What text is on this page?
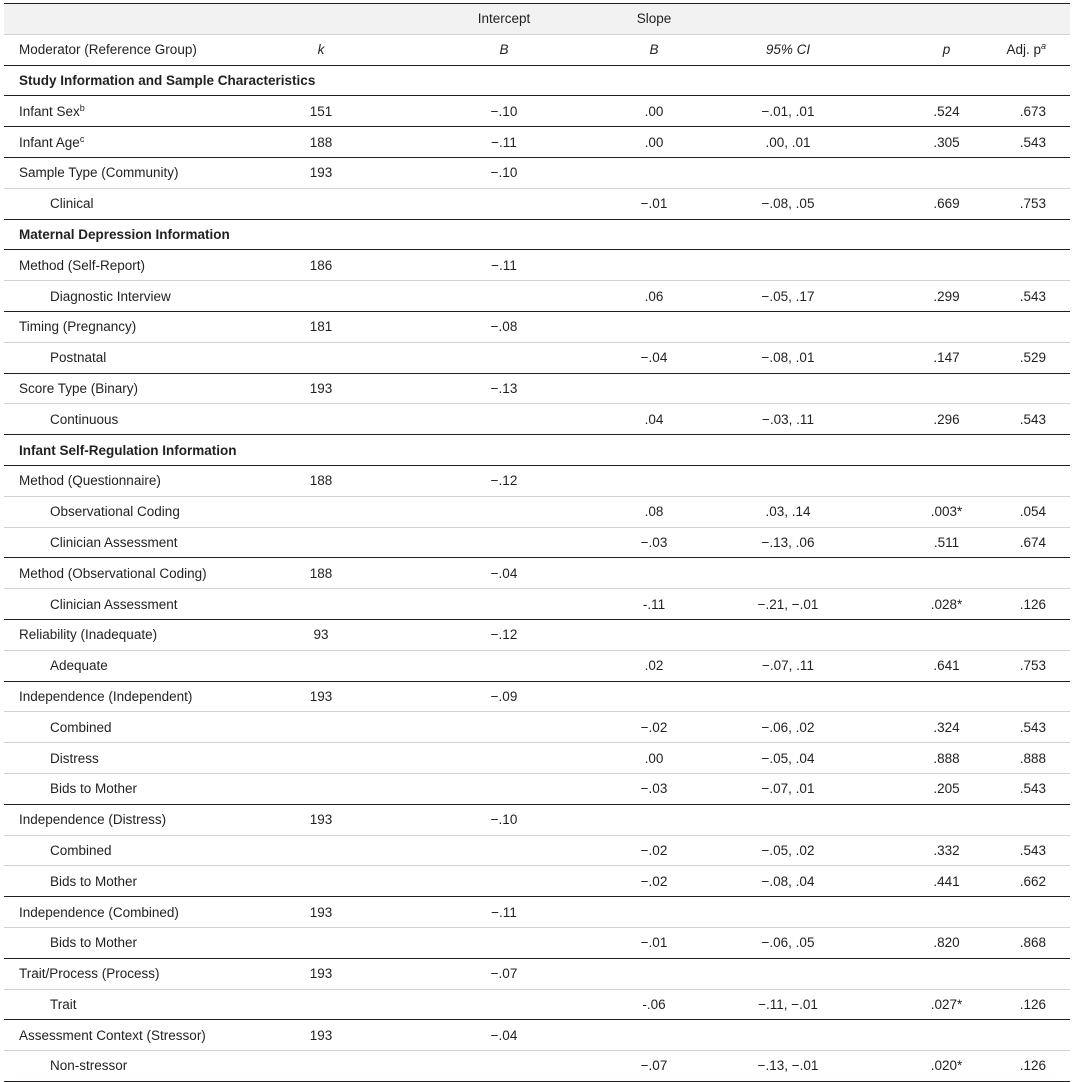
		Intercept	Slope			
Moderator (Reference Group)	k	B	B	95% CI	p	Adj. $p^a$
Study Information and Sample Characteristics						
Infant Sex$^b$	151	−.10	.00	−.01, .01	.524	.673
Infant Age$^c$	188	−.11	.00	.00, .01	.305	.543
Sample Type (Community)	193	−.10				
Clinical			−.01	−.08, .05	.669	.753
Maternal Depression Information						
Method (Self-Report)	186	−.11				
Diagnostic Interview			.06	−.05, .17	.299	.543
Timing (Pregnancy)	181	−.08				
Postnatal			−.04	−.08, .01	.147	.529
Score Type (Binary)	193	−.13				
Continuous			.04	−.03, .11	.296	.543
Infant Self-Regulation Information						
Method (Questionnaire)	188	−.12				
Observational Coding			.08	.03, .14	.003*	.054
Clinician Assessment			−.03	−.13, .06	.511	.674
Method (Observational Coding)	188	−.04				
Clinician Assessment			-.11	−.21, −.01	.028*	.126
Reliability (Inadequate)	93	−.12				
Adequate			.02	−.07, .11	.641	.753
Independence (Independent)	193	−.09				
Combined			−.02	−.06, .02	.324	.543
Distress			.00	−.05, .04	.888	.888
Bids to Mother			−.03	−.07, .01	.205	.543
Independence (Distress)	193	−.10				
Combined			−.02	−.05, .02	.332	.543
Bids to Mother			−.02	−.08, .04	.441	.662
Independence (Combined)	193	−.11				
Bids to Mother			−.01	−.06, .05	.820	.868
Trait/Process (Process)	193	−.07				
Trait			-.06	−.11, −.01	.027*	.126
Assessment Context (Stressor)	193	−.04				
Non-stressor			−.07	−.13, −.01	.020*	.126
